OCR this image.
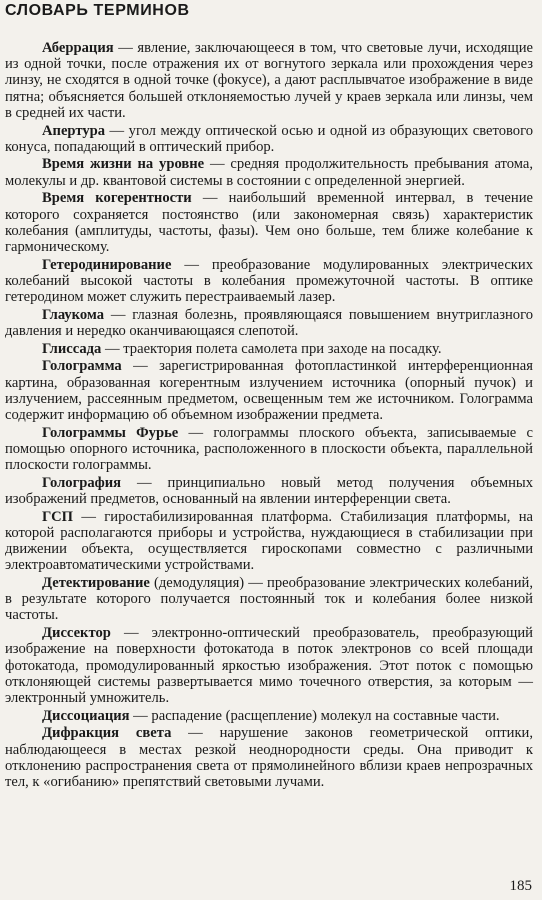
СЛОВАРЬ ТЕРМИНОВ

Аберрация — явление, заключающееся в том, что световые лучи, исходящие из одной точки, после отражения их от вогнутого зеркала или прохождения через линзу, не сходятся в одной точке (фокусе), а дают расплывчатое изображение в виде пятна; объясняется большей отклоняемостью лучей у краев зеркала или линзы, чем в средней их части.

Апертура — угол между оптической осью и одной из образующих светового конуса, попадающий в оптический прибор.

Время жизни на уровне — средняя продолжительность пребывания атома, молекулы и др. квантовой системы в состоянии с определенной энергией.

Время когерентности — наибольший временной интервал, в течение которого сохраняется постоянство (или закономерная связь) характеристик колебания (амплитуды, частоты, фазы). Чем оно больше, тем ближе колебание к гармоническому.

Гетеродинирование — преобразование модулированных электрических колебаний высокой частоты в колебания промежуточной частоты. В оптике гетеродином может служить перестраиваемый лазер.

Глаукома — глазная болезнь, проявляющаяся повышением внутриглазного давления и нередко оканчивающаяся слепотой.

Глиссада — траектория полета самолета при заходе на посадку.

Голограмма — зарегистрированная фотопластинкой интерференционная картина, образованная когерентным излучением источника (опорный пучок) и излучением, рассеянным предметом, освещенным тем же источником. Голограмма содержит информацию об объемном изображении предмета.

Голограммы Фурье — голограммы плоского объекта, записываемые с помощью опорного источника, расположенного в плоскости объекта, параллельной плоскости голограммы.

Голография — принципиально новый метод получения объемных изображений предметов, основанный на явлении интерференции света.

ГСП — гиростабилизированная платформа. Стабилизация платформы, на которой располагаются приборы и устройства, нуждающиеся в стабилизации при движении объекта, осуществляется гироскопами совместно с различными электроавтоматическими устройствами.

Детектирование (демодуляция) — преобразование электрических колебаний, в результате которого получается постоянный ток и колебания более низкой частоты.

Диссектор — электронно-оптический преобразователь, преобразующий изображение на поверхности фотокатода в поток электронов со всей площади фотокатода, промодулированный яркостью изображения. Этот поток с помощью отклоняющей системы развертывается мимо точечного отверстия, за которым — электронный умножитель.

Диссоциация — распадение (расщепление) молекул на составные части.

Дифракция света — нарушение законов геометрической оптики, наблюдающееся в местах резкой неоднородности среды. Она приводит к отклонению распространения света от прямолинейного вблизи краев непрозрачных тел, к «огибанию» препятствий световыми лучами.

185
